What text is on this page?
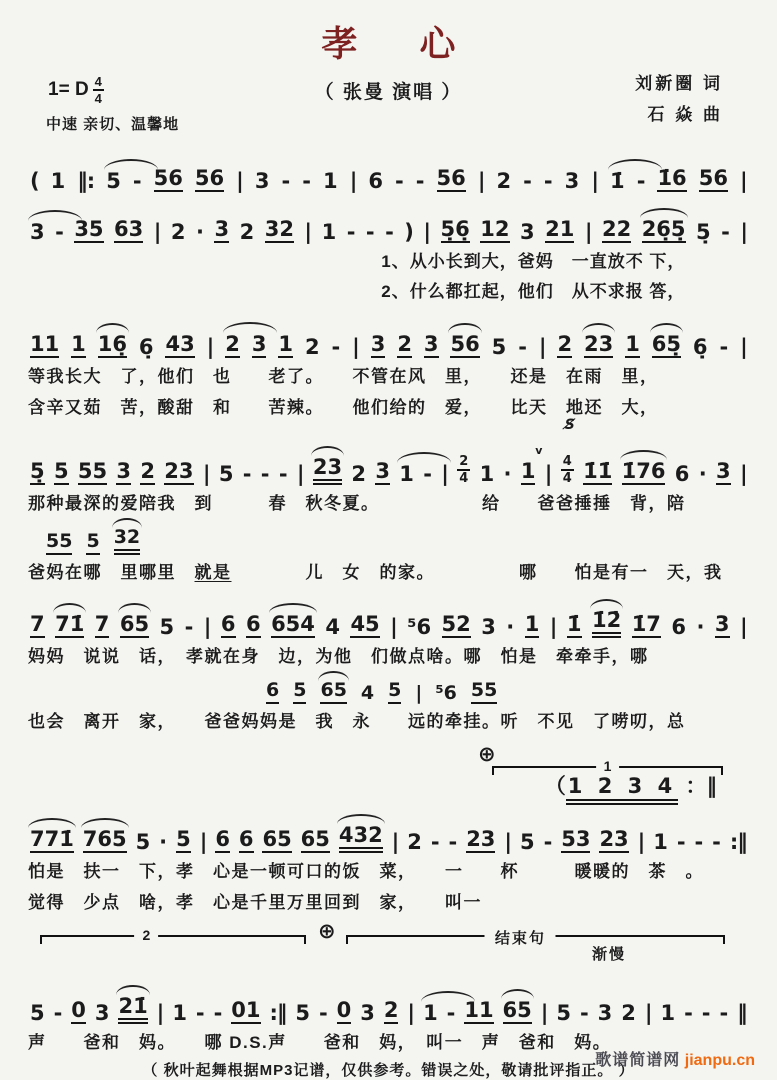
孝 心
1= D $\frac{4}{4}$	（ 张曼 演唱 ）
中速 亲切、温馨地
刘新圈 词
石 焱 曲
( 1 ‖: 5 - 56 56 | 3 - - 1 | 6 - - 56 | 2 - - 3 | 1̇ - 1̇6 56 |
3 - 35 63 | 2 · 3 2 32 | 1 - - - ) | 5̣6̣ 12 3 21 | 22 26̣5̣ 5̣ - |
1、从小长到大，爸妈　一直放不 下，
2、什么都扛起，他们　从不求报 答，
11 1 16̣ 6̣ 43 | 2 3 1 2 - | 3 2 3 56 5 - | 2 23 1 65̣ 6̣ - |
等我长大　了，他们　也　　老了。　　不管在风　里，　　还是　在雨　里，
含辛又茹　苦，酸甜　和　　苦辣。　　他们给的　爱，　　比天　地还　大，
5̣ 5 55 3 2 23 | 5 - - - | 23 2 3 1 - | $\frac{2}{4} 1 \cdot 1$ v | $\frac{4}{4}$
S̸
1̇1̇ 1̇76 6 · 3 |
那种最深的爱陪我　到　　　春　秋冬夏。　　　　　　给　　爸爸捶捶　背，陪
55 5 32
爸妈在哪　里哪里　就是　　　　儿　女　的家。　　　　　哪　　怕是有一　天，我
7 71̇ 7 65 5 - | 6 6 654 4 45 | ⁵6 52 3 · 1 | 1̇ 1̇2̇ 1̇7 6 · 3 |
妈妈　说说　话，　孝就在身　边，为他　们做点啥。哪　怕是　牵牵手，哪
6 5 65 4 5 | ⁵6 55
也会　离开　家，　　爸爸妈妈是　我　永　　远的牵挂。听　不见　了唠叨，总
⊕	1
（1 2 3 4 ：‖
771̇ 765 5 · 5 | 6 6 65 65 432 | 2 - - 23 | 5 - 53 23 | 1 - - - :‖
怕是　扶一　下，孝　心是一顿可口的饭　菜，　　一　　杯　　　暖暖的　茶　。
觉得　少点　啥，孝　心是千里万里回到　家，　　叫一
2	⊕	结束句
渐慢
5 - 0 3 21̇ | 1 - - 01 :‖ 5 - 0 3 2 | 1 - 11 65 | 5 - 3 2 | 1 - - - ‖
声　　爸和　妈。　　哪 D.S.声　　爸和　妈，　叫一　声　爸和　妈。
（ 秋叶起舞根据MP3记谱，仅供参考。错误之处，敬请批评指正。 ）
歌谱简谱网 jianpu.cn
